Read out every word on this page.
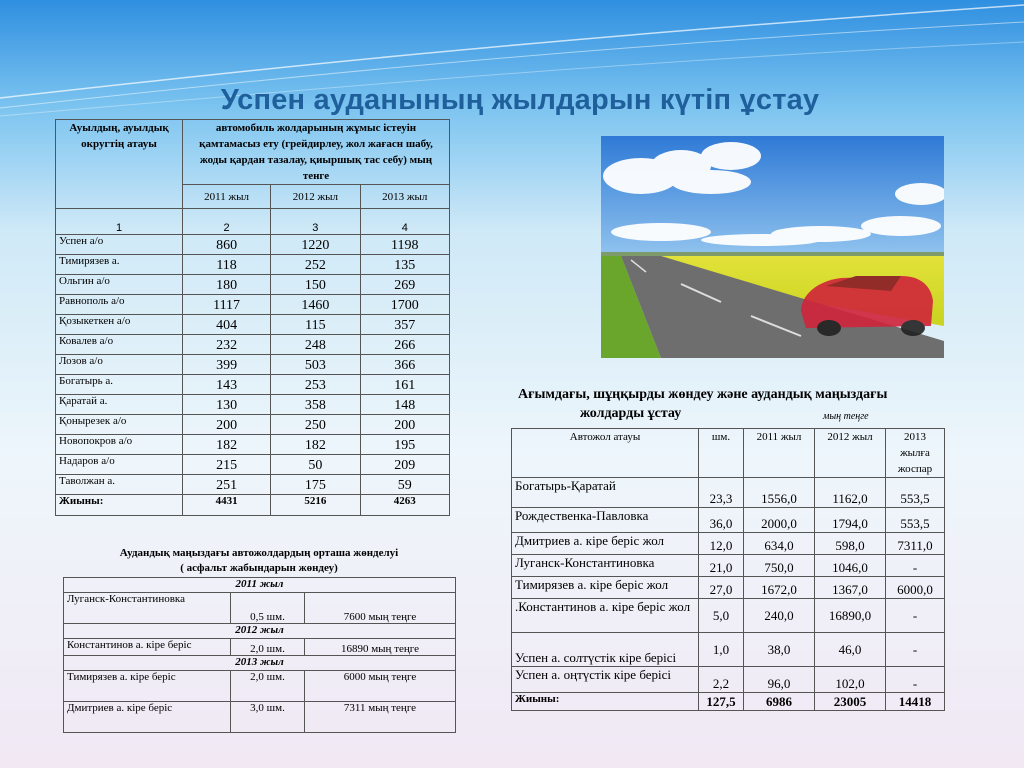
Успен ауданының жылдарын күтіп ұстау
Ауылдың, ауылдық округтің атауы	автомобиль жолдарының жұмыс істеуін қамтамасыз ету (грейдирлеу, жол жағасн шабу, жоды қардан тазалау, қиыршық тас себу) мың тенге		
	2011 жыл	2012 жыл	2013 жыл
1	2	3	4
Успен а/о	860	1220	1198
Тимирязев а.	118	252	135
Ольгин а/о	180	150	269
Равнополь а/о	1117	1460	1700
Қозыкеткен а/о	404	115	357
Ковалев а/о	232	248	266
Лозов а/о	399	503	366
Богатырь а.	143	253	161
Қаратай а.	130	358	148
Қонырезек а/о	200	250	200
Новопокров а/о	182	182	195
Надаров а/о	215	50	209
Таволжан а.	251	175	59
Жиыны:	4431	5216	4263
Аудандық маңыздағы автожолдардың орташа жөнделуі
( асфальт жабындарын жөндеу)
2011 жыл		
Луганск-Константиновка	0,5 шм.	7600 мың теңге
2012 жыл		
Константинов а. кіре беріс	2,0 шм.	16890 мың теңге
2013 жыл		
Тимирязев а. кіре беріс	2,0 шм.	6000 мың теңге
Дмитриев а. кіре беріс	3,0 шм.	7311 мың теңге
Ағымдағы, шұңқырды жөндеу және аудандық маңыздағы
жолдарды ұстау	мың теңге
Автожол атауы	шм.	2011 жыл	2012 жыл	2013 жылға жоспар
Богатырь-Қаратай	23,3	1556,0	1162,0	553,5
Рождественка-Павловка	36,0	2000,0	1794,0	553,5
Дмитриев а. кіре беріс жол	12,0	634,0	598,0	7311,0
Луганск-Константиновка	21,0	750,0	1046,0	-
Тимирязев а. кіре беріс жол	27,0	1672,0	1367,0	6000,0
.Константинов а. кіре беріс жол	5,0	240,0	16890,0	-
Успен а. солтүстік кіре берісі	1,0	38,0	46,0	-
Успен а. оңтүстік кіре берісі	2,2	96,0	102,0	-
Жиыны:	127,5	6986	23005	14418
